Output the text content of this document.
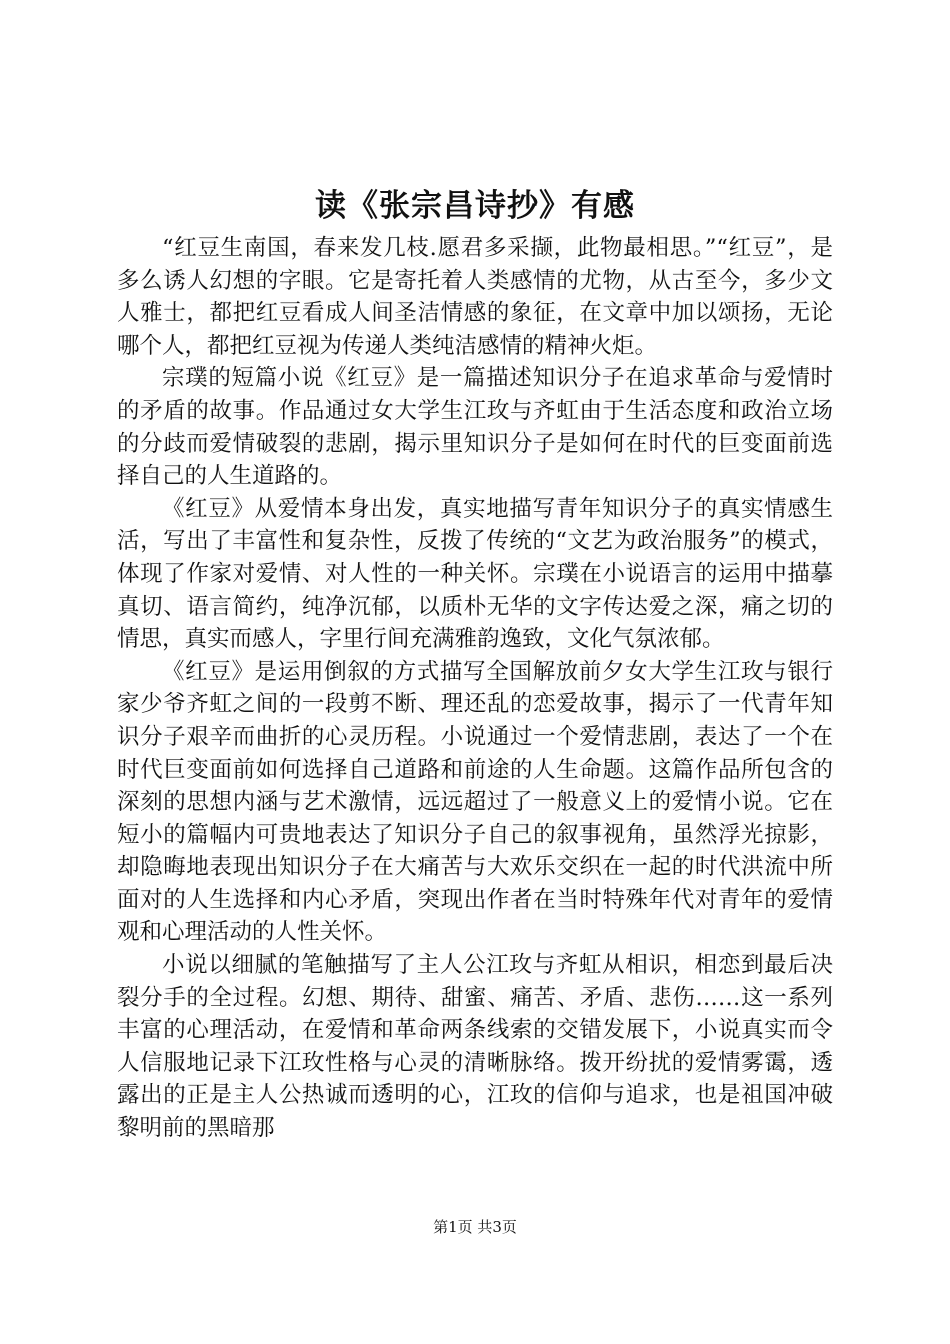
读《张宗昌诗抄》有感

“红豆生南国，春来发几枝.愿君多采撷，此物最相思。”“红豆”，是多么诱人幻想的字眼。它是寄托着人类感情的尤物，从古至今，多少文人雅士，都把红豆看成人间圣洁情感的象征，在文章中加以颂扬，无论哪个人，都把红豆视为传递人类纯洁感情的精神火炬。

宗璞的短篇小说《红豆》是一篇描述知识分子在追求革命与爱情时的矛盾的故事。作品通过女大学生江玫与齐虹由于生活态度和政治立场的分歧而爱情破裂的悲剧，揭示里知识分子是如何在时代的巨变面前选择自己的人生道路的。

《红豆》从爱情本身出发，真实地描写青年知识分子的真实情感生活，写出了丰富性和复杂性，反拨了传统的“文艺为政治服务”的模式，体现了作家对爱情、对人性的一种关怀。宗璞在小说语言的运用中描摹真切、语言简约，纯净沉郁，以质朴无华的文字传达爱之深，痛之切的情思，真实而感人，字里行间充满雅韵逸致，文化气氛浓郁。

《红豆》是运用倒叙的方式描写全国解放前夕女大学生江玫与银行家少爷齐虹之间的一段剪不断、理还乱的恋爱故事，揭示了一代青年知识分子艰辛而曲折的心灵历程。小说通过一个爱情悲剧，表达了一个在时代巨变面前如何选择自己道路和前途的人生命题。这篇作品所包含的深刻的思想内涵与艺术激情，远远超过了一般意义上的爱情小说。它在短小的篇幅内可贵地表达了知识分子自己的叙事视角，虽然浮光掠影，却隐晦地表现出知识分子在大痛苦与大欢乐交织在一起的时代洪流中所面对的人生选择和内心矛盾，突现出作者在当时特殊年代对青年的爱情观和心理活动的人性关怀。

小说以细腻的笔触描写了主人公江玫与齐虹从相识，相恋到最后决裂分手的全过程。幻想、期待、甜蜜、痛苦、矛盾、悲伤……这一系列丰富的心理活动，在爱情和革命两条线索的交错发展下，小说真实而令人信服地记录下江玫性格与心灵的清晰脉络。拨开纷扰的爱情雾霭，透露出的正是主人公热诚而透明的心，江玫的信仰与追求，也是祖国冲破黎明前的黑暗那

第1页 共3页
